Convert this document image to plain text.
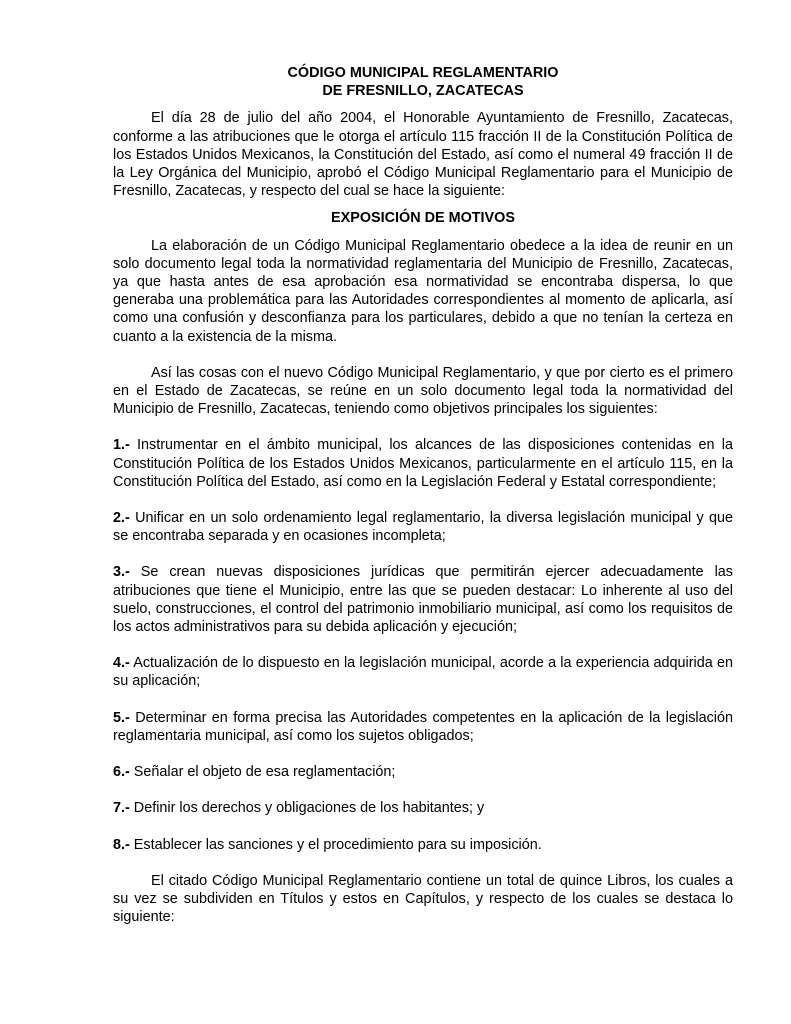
CÓDIGO MUNICIPAL REGLAMENTARIO

DE FRESNILLO, ZACATECAS

El día 28 de julio del año 2004, el Honorable Ayuntamiento de Fresnillo, Zacatecas, conforme a las atribuciones que le otorga el artículo 115 fracción II de la Constitución Política de los Estados Unidos Mexicanos, la Constitución del Estado, así como el numeral 49 fracción II de la Ley Orgánica del Municipio, aprobó el Código Municipal Reglamentario para el Municipio de Fresnillo, Zacatecas, y respecto del cual se hace la siguiente:

EXPOSICIÓN DE MOTIVOS

La elaboración de un Código Municipal Reglamentario obedece a la idea de reunir en un solo documento legal toda la normatividad reglamentaria del Municipio de Fresnillo, Zacatecas, ya que hasta antes de esa aprobación esa normatividad se encontraba dispersa, lo que generaba una problemática para las Autoridades correspondientes al momento de aplicarla, así como una confusión y desconfianza para los particulares, debido a que no tenían la certeza en cuanto a la existencia de la misma.

Así las cosas con el nuevo Código Municipal Reglamentario, y que por cierto es el primero en el Estado de Zacatecas, se reúne en un solo documento legal toda la normatividad del Municipio de Fresnillo, Zacatecas, teniendo como objetivos principales los siguientes:

1.- Instrumentar en el ámbito municipal, los alcances de las disposiciones contenidas en la Constitución Política de los Estados Unidos Mexicanos, particularmente en el artículo 115, en la Constitución Política del Estado, así como en la Legislación Federal y Estatal correspondiente;

2.- Unificar en un solo ordenamiento legal reglamentario, la diversa legislación municipal y que se encontraba separada y en ocasiones incompleta;

3.- Se crean nuevas disposiciones jurídicas que permitirán ejercer adecuadamente las atribuciones que tiene el Municipio, entre las que se pueden destacar: Lo inherente al uso del suelo, construcciones, el control del patrimonio inmobiliario municipal, así como los requisitos de los actos administrativos para su debida aplicación y ejecución;

4.- Actualización de lo dispuesto en la legislación municipal, acorde a la experiencia adquirida en su aplicación;

5.- Determinar en forma precisa las Autoridades competentes en la aplicación de la legislación reglamentaria municipal, así como los sujetos obligados;

6.- Señalar el objeto de esa reglamentación;

7.- Definir los derechos y obligaciones de los habitantes; y

8.- Establecer las sanciones y el procedimiento para su imposición.

El citado Código Municipal Reglamentario contiene un total de quince Libros, los cuales a su vez se subdividen en Títulos y estos en Capítulos, y respecto de los cuales se destaca lo siguiente:
